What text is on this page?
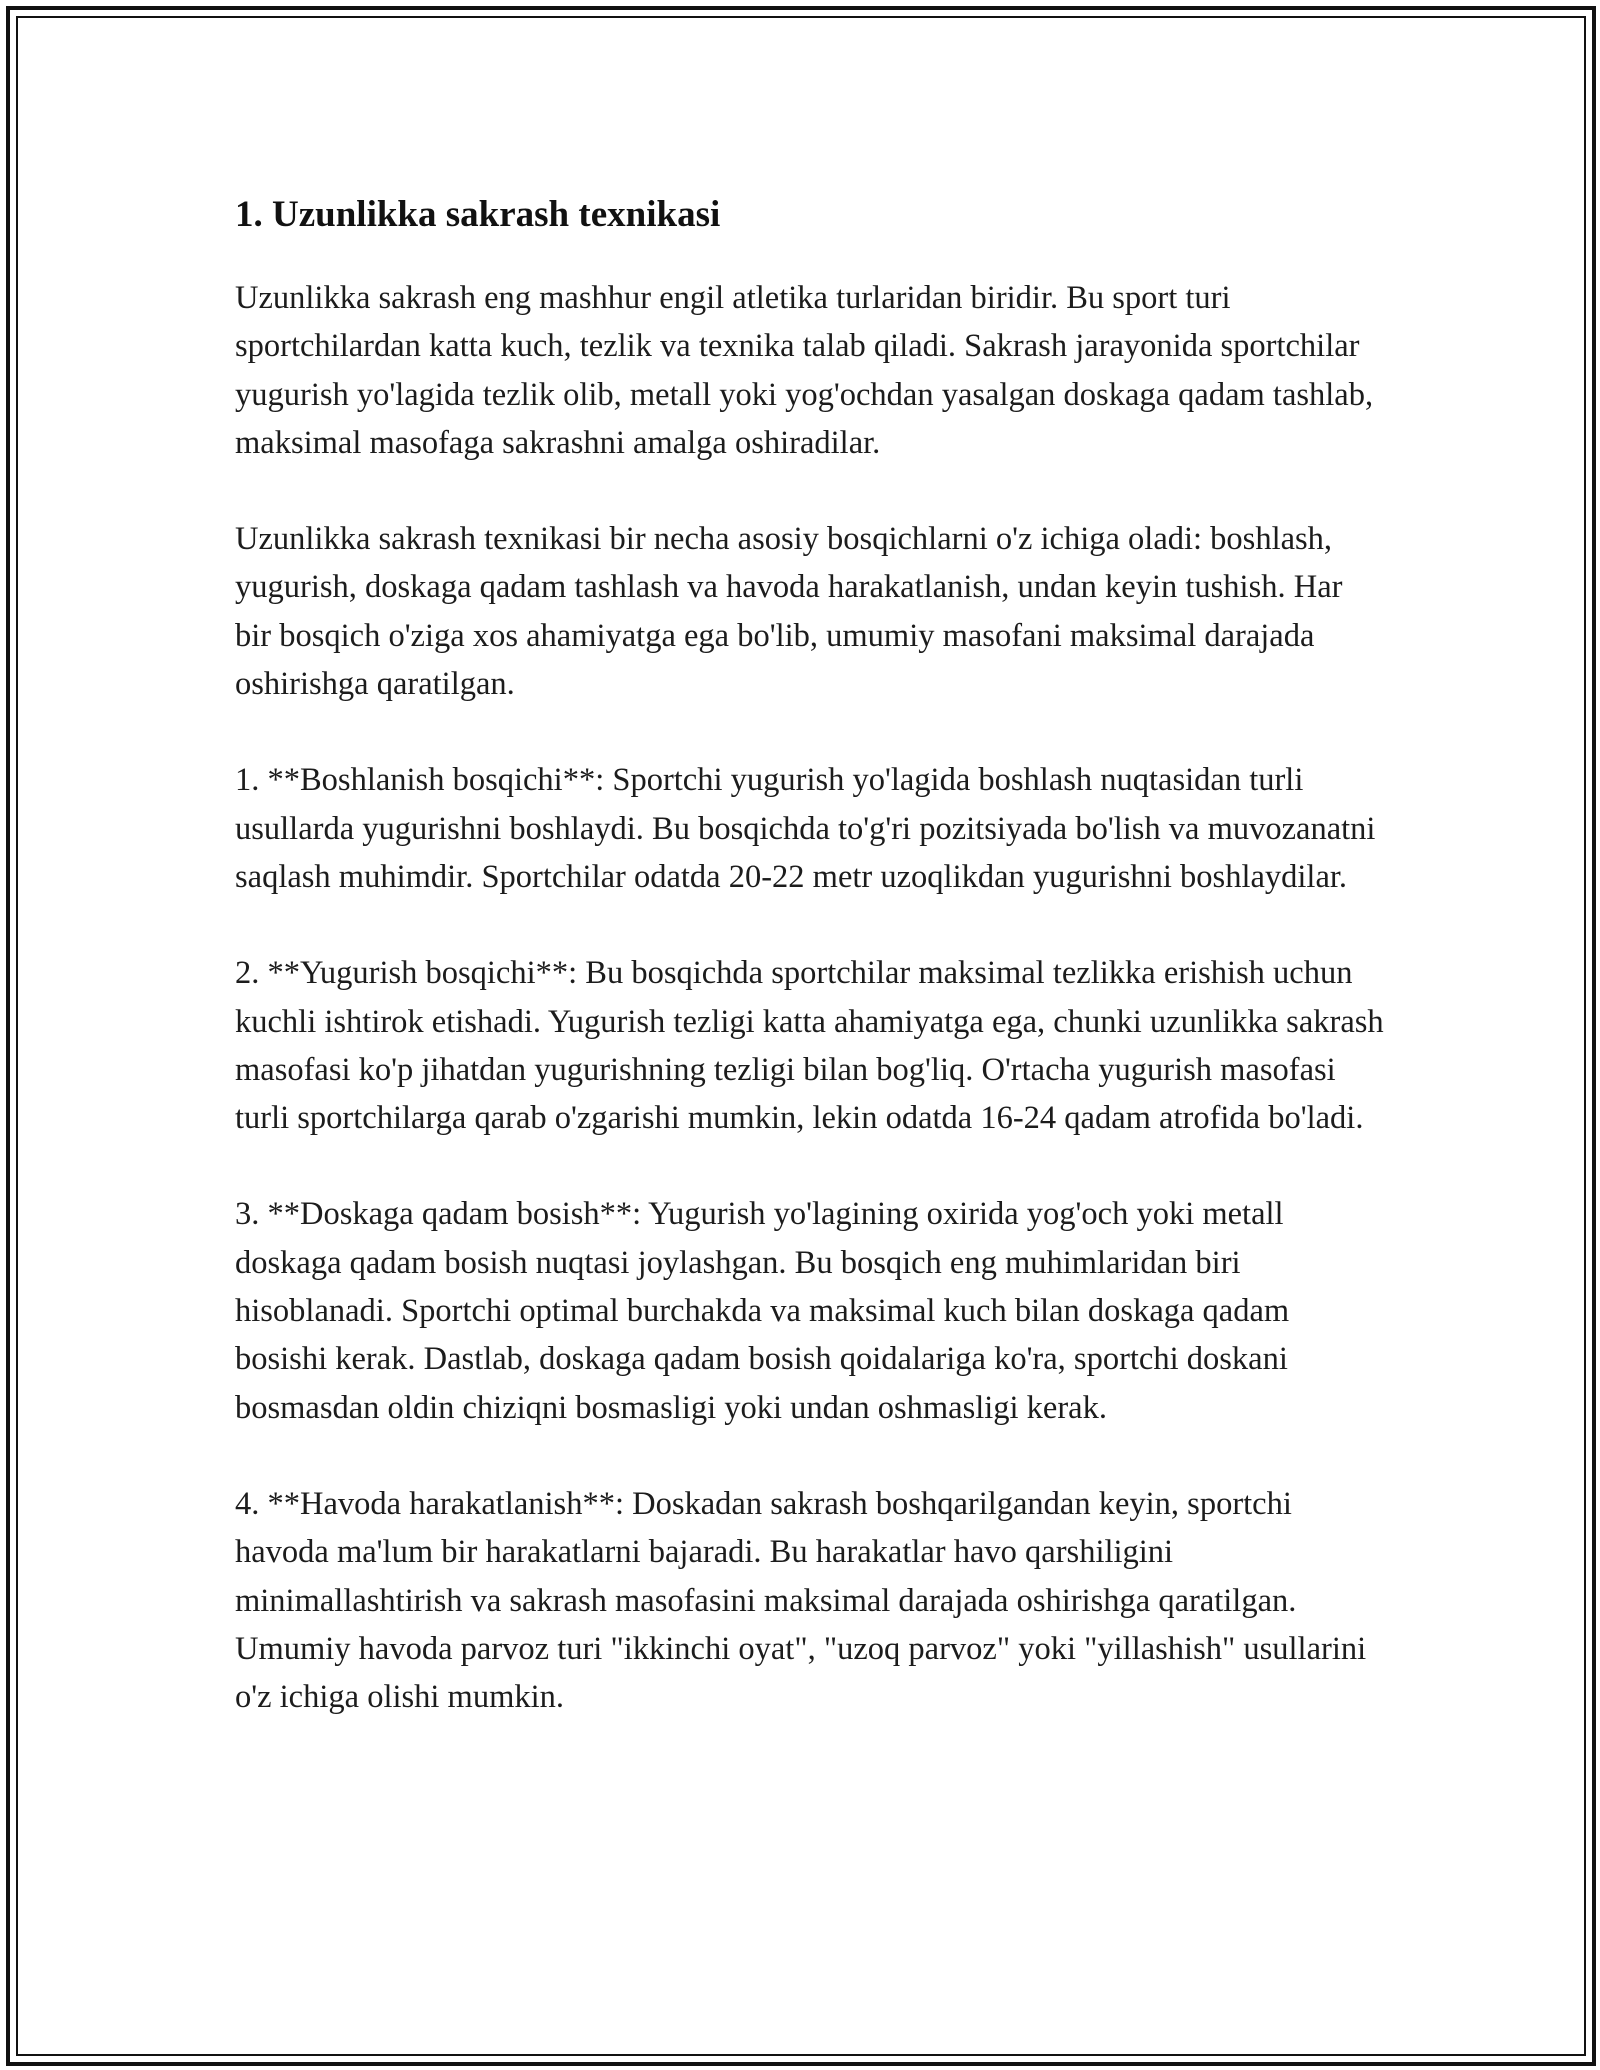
1. Uzunlikka sakrash texnikasi

Uzunlikka sakrash eng mashhur engil atletika turlaridan biridir. Bu sport turi sportchilardan katta kuch, tezlik va texnika talab qiladi. Sakrash jarayonida sportchilar yugurish yo'lagida tezlik olib, metall yoki yog'ochdan yasalgan doskaga qadam tashlab, maksimal masofaga sakrashni amalga oshiradilar.

Uzunlikka sakrash texnikasi bir necha asosiy bosqichlarni o'z ichiga oladi: boshlash, yugurish, doskaga qadam tashlash va havoda harakatlanish, undan keyin tushish. Har bir bosqich o'ziga xos ahamiyatga ega bo'lib, umumiy masofani maksimal darajada oshirishga qaratilgan.

1. **Boshlanish bosqichi**: Sportchi yugurish yo'lagida boshlash nuqtasidan turli usullarda yugurishni boshlaydi. Bu bosqichda to'g'ri pozitsiyada bo'lish va muvozanatni saqlash muhimdir. Sportchilar odatda 20-22 metr uzoqlikdan yugurishni boshlaydilar.

2. **Yugurish bosqichi**: Bu bosqichda sportchilar maksimal tezlikka erishish uchun kuchli ishtirok etishadi. Yugurish tezligi katta ahamiyatga ega, chunki uzunlikka sakrash masofasi ko'p jihatdan yugurishning tezligi bilan bog'liq. O'rtacha yugurish masofasi turli sportchilarga qarab o'zgarishi mumkin, lekin odatda 16-24 qadam atrofida bo'ladi.

3. **Doskaga qadam bosish**: Yugurish yo'lagining oxirida yog'och yoki metall doskaga qadam bosish nuqtasi joylashgan. Bu bosqich eng muhimlaridan biri hisoblanadi. Sportchi optimal burchakda va maksimal kuch bilan doskaga qadam bosishi kerak. Dastlab, doskaga qadam bosish qoidalariga ko'ra, sportchi doskani bosmasdan oldin chiziqni bosmasligi yoki undan oshmasligi kerak.

4. **Havoda harakatlanish**: Doskadan sakrash boshqarilgandan keyin, sportchi havoda ma'lum bir harakatlarni bajaradi. Bu harakatlar havo qarshiligini minimallashtirish va sakrash masofasini maksimal darajada oshirishga qaratilgan. Umumiy havoda parvoz turi "ikkinchi oyat", "uzoq parvoz" yoki "yillashish" usullarini o'z ichiga olishi mumkin.
